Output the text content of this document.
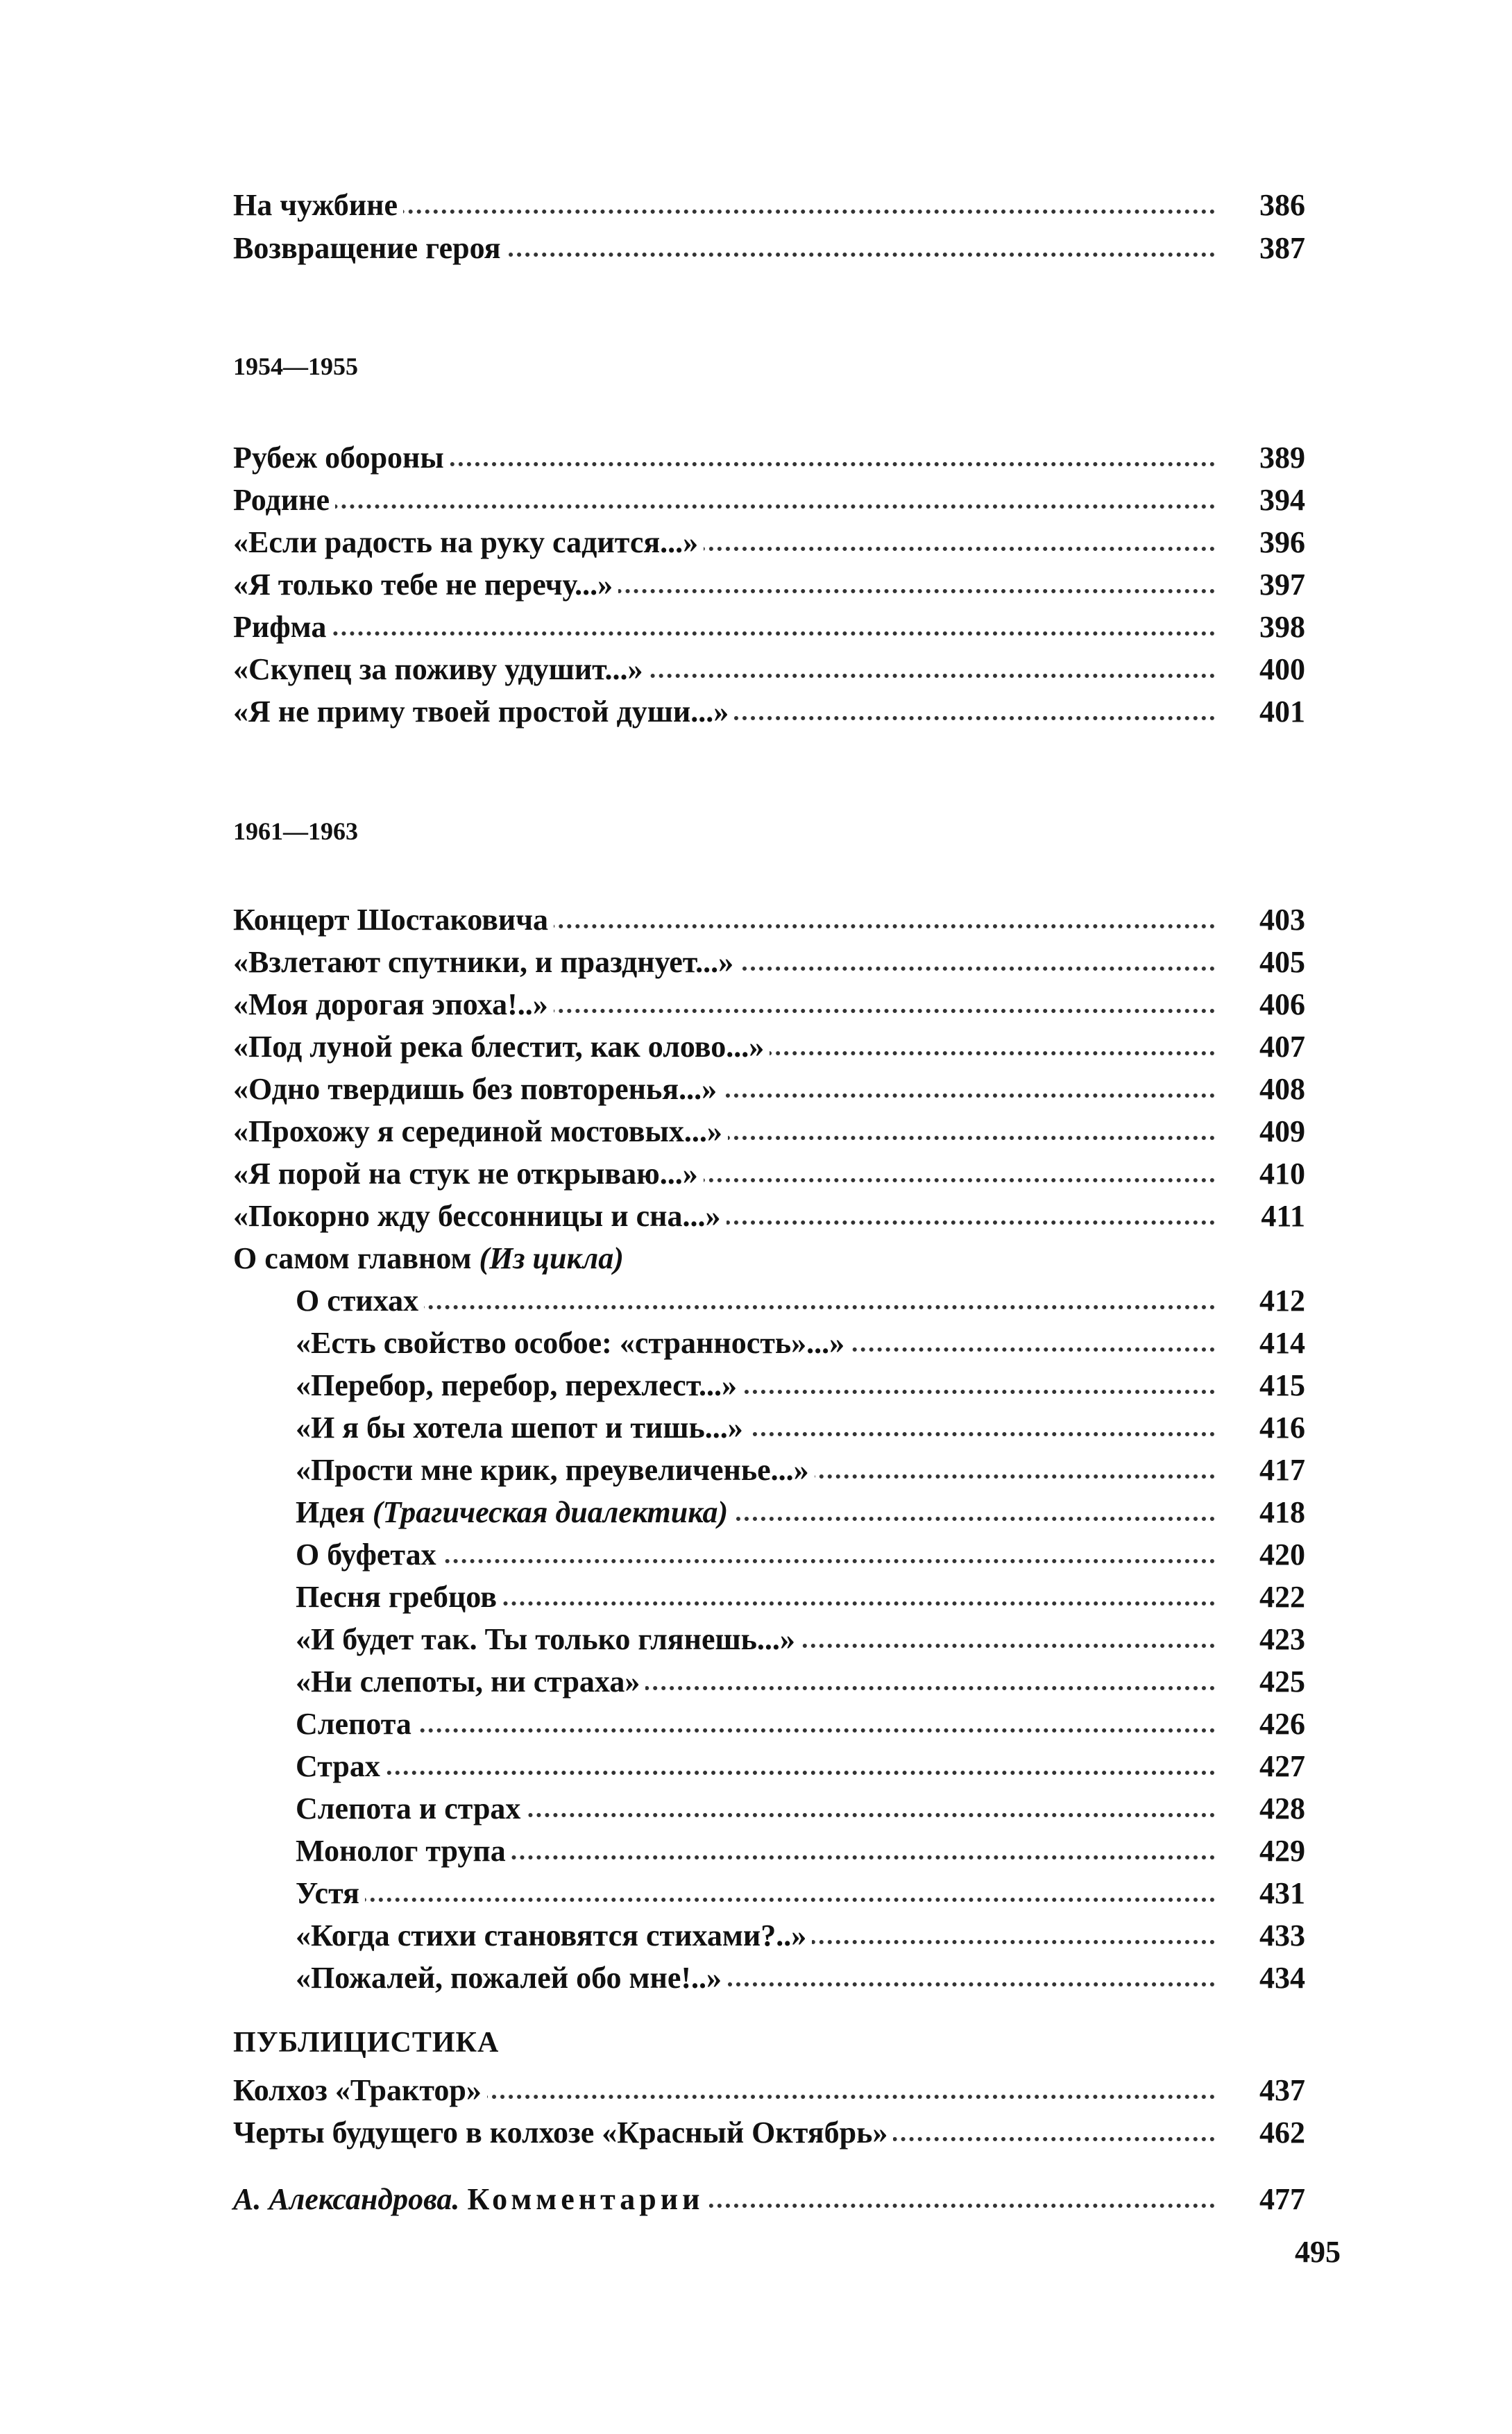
На чужбине	386
Возвращение героя	387
1954—1955
Рубеж обороны	389
Родине	394
«Если радость на руку садится...»	396
«Я только тебе не перечу...»	397
Рифма	398
«Скупец за поживу удушит...»	400
«Я не приму твоей простой души...»	401
1961—1963
Концерт Шостаковича	403
«Взлетают спутники, и празднует...»	405
«Моя дорогая эпоха!..»	406
«Под луной река блестит, как олово...»	407
«Одно твердишь без повторенья...»	408
«Прохожу я серединой мостовых...»	409
«Я порой на стук не открываю...»	410
«Покорно жду бессонницы и сна...»	411
О самом главном (Из цикла)
О стихах	412
«Есть свойство особое: «странность»...»	414
«Перебор, перебор, перехлест...»	415
«И я бы хотела шепот и тишь...»	416
«Прости мне крик, преувеличенье...»	417
Идея (Трагическая диалектика)	418
О буфетах	420
Песня гребцов	422
«И будет так. Ты только глянешь...»	423
«Ни слепоты, ни страха»	425
Слепота	426
Страх	427
Слепота и страх	428
Монолог трупа	429
Устя	431
«Когда стихи становятся стихами?..»	433
«Пожалей, пожалей обо мне!..»	434
ПУБЛИЦИСТИКА
Колхоз «Трактор»	437
Черты будущего в колхозе «Красный Октябрь»	462
А. Александрова. Комментарии	477
495
